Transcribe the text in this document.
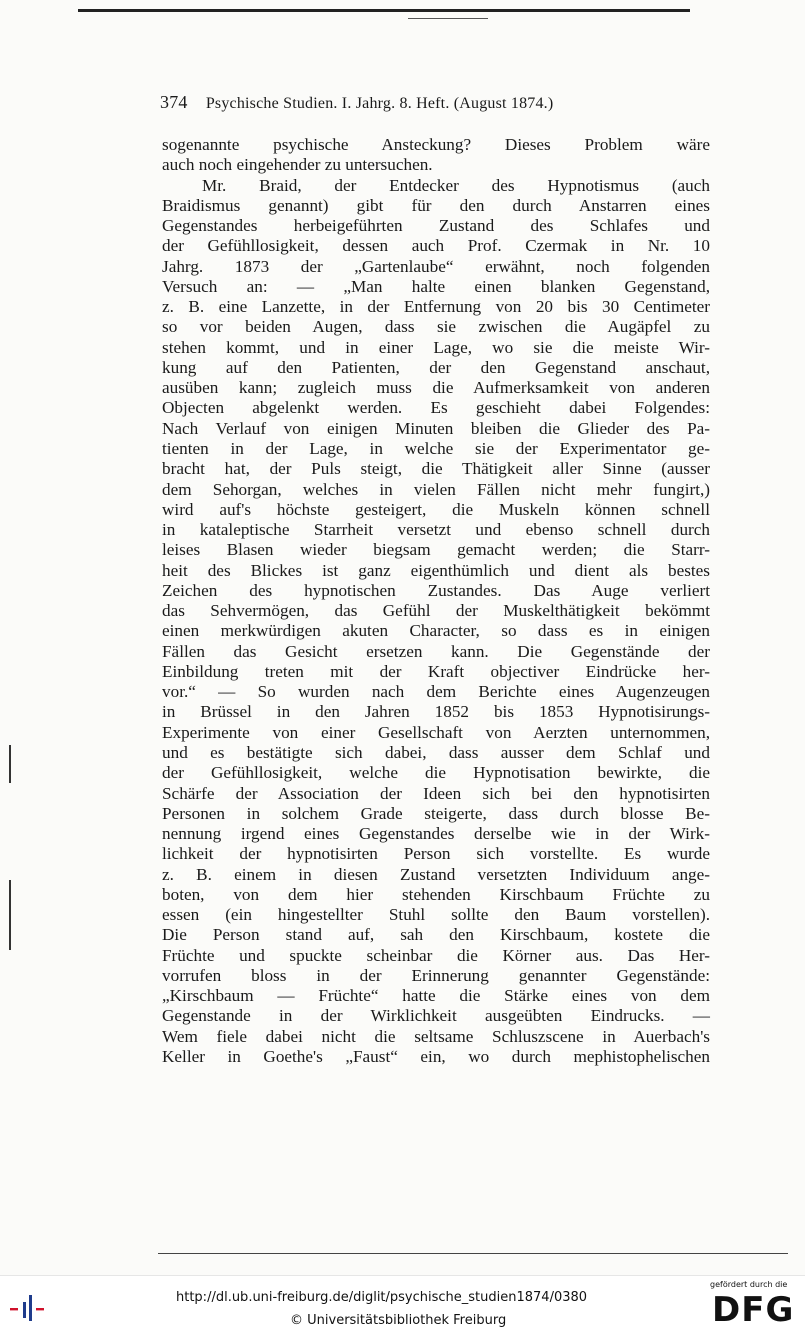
374 Psychische Studien. I. Jahrg. 8. Heft. (August 1874.)
sogenannte psychische Ansteckung? Dieses Problem wäre
auch noch eingehender zu untersuchen.
Mr. Braid, der Entdecker des Hypnotismus (auch
Braidismus genannt) gibt für den durch Anstarren eines
Gegenstandes herbeigeführten Zustand des Schlafes und
der Gefühllosigkeit, dessen auch Prof. Czermak in Nr. 10
Jahrg. 1873 der „Gartenlaube“ erwähnt, noch folgenden
Versuch an: — „Man halte einen blanken Gegenstand,
z. B. eine Lanzette, in der Entfernung von 20 bis 30 Centimeter
so vor beiden Augen, dass sie zwischen die Augäpfel zu
stehen kommt, und in einer Lage, wo sie die meiste Wir-
kung auf den Patienten, der den Gegenstand anschaut,
ausüben kann; zugleich muss die Aufmerksamkeit von anderen
Objecten abgelenkt werden. Es geschieht dabei Folgendes:
Nach Verlauf von einigen Minuten bleiben die Glieder des Pa-
tienten in der Lage, in welche sie der Experimentator ge-
bracht hat, der Puls steigt, die Thätigkeit aller Sinne (ausser
dem Sehorgan, welches in vielen Fällen nicht mehr fungirt,)
wird auf's höchste gesteigert, die Muskeln können schnell
in kataleptische Starrheit versetzt und ebenso schnell durch
leises Blasen wieder biegsam gemacht werden; die Starr-
heit des Blickes ist ganz eigenthümlich und dient als bestes
Zeichen des hypnotischen Zustandes. Das Auge verliert
das Sehvermögen, das Gefühl der Muskelthätigkeit bekömmt
einen merkwürdigen akuten Character, so dass es in einigen
Fällen das Gesicht ersetzen kann. Die Gegenstände der
Einbildung treten mit der Kraft objectiver Eindrücke her-
vor.“ — So wurden nach dem Berichte eines Augenzeugen
in Brüssel in den Jahren 1852 bis 1853 Hypnotisirungs-
Experimente von einer Gesellschaft von Aerzten unternommen,
und es bestätigte sich dabei, dass ausser dem Schlaf und
der Gefühllosigkeit, welche die Hypnotisation bewirkte, die
Schärfe der Association der Ideen sich bei den hypnotisirten
Personen in solchem Grade steigerte, dass durch blosse Be-
nennung irgend eines Gegenstandes derselbe wie in der Wirk-
lichkeit der hypnotisirten Person sich vorstellte. Es wurde
z. B. einem in diesen Zustand versetzten Individuum ange-
boten, von dem hier stehenden Kirschbaum Früchte zu
essen (ein hingestellter Stuhl sollte den Baum vorstellen).
Die Person stand auf, sah den Kirschbaum, kostete die
Früchte und spuckte scheinbar die Körner aus. Das Her-
vorrufen bloss in der Erinnerung genannter Gegenstände:
„Kirschbaum — Früchte“ hatte die Stärke eines von dem
Gegenstande in der Wirklichkeit ausgeübten Eindrucks. —
Wem fiele dabei nicht die seltsame Schluszscene in Auerbach's
Keller in Goethe's „Faust“ ein, wo durch mephistophelischen
http://dl.ub.uni-freiburg.de/diglit/psychische_studien1874/0380
© Universitätsbibliothek Freiburg
gefördert durch die
DFG
